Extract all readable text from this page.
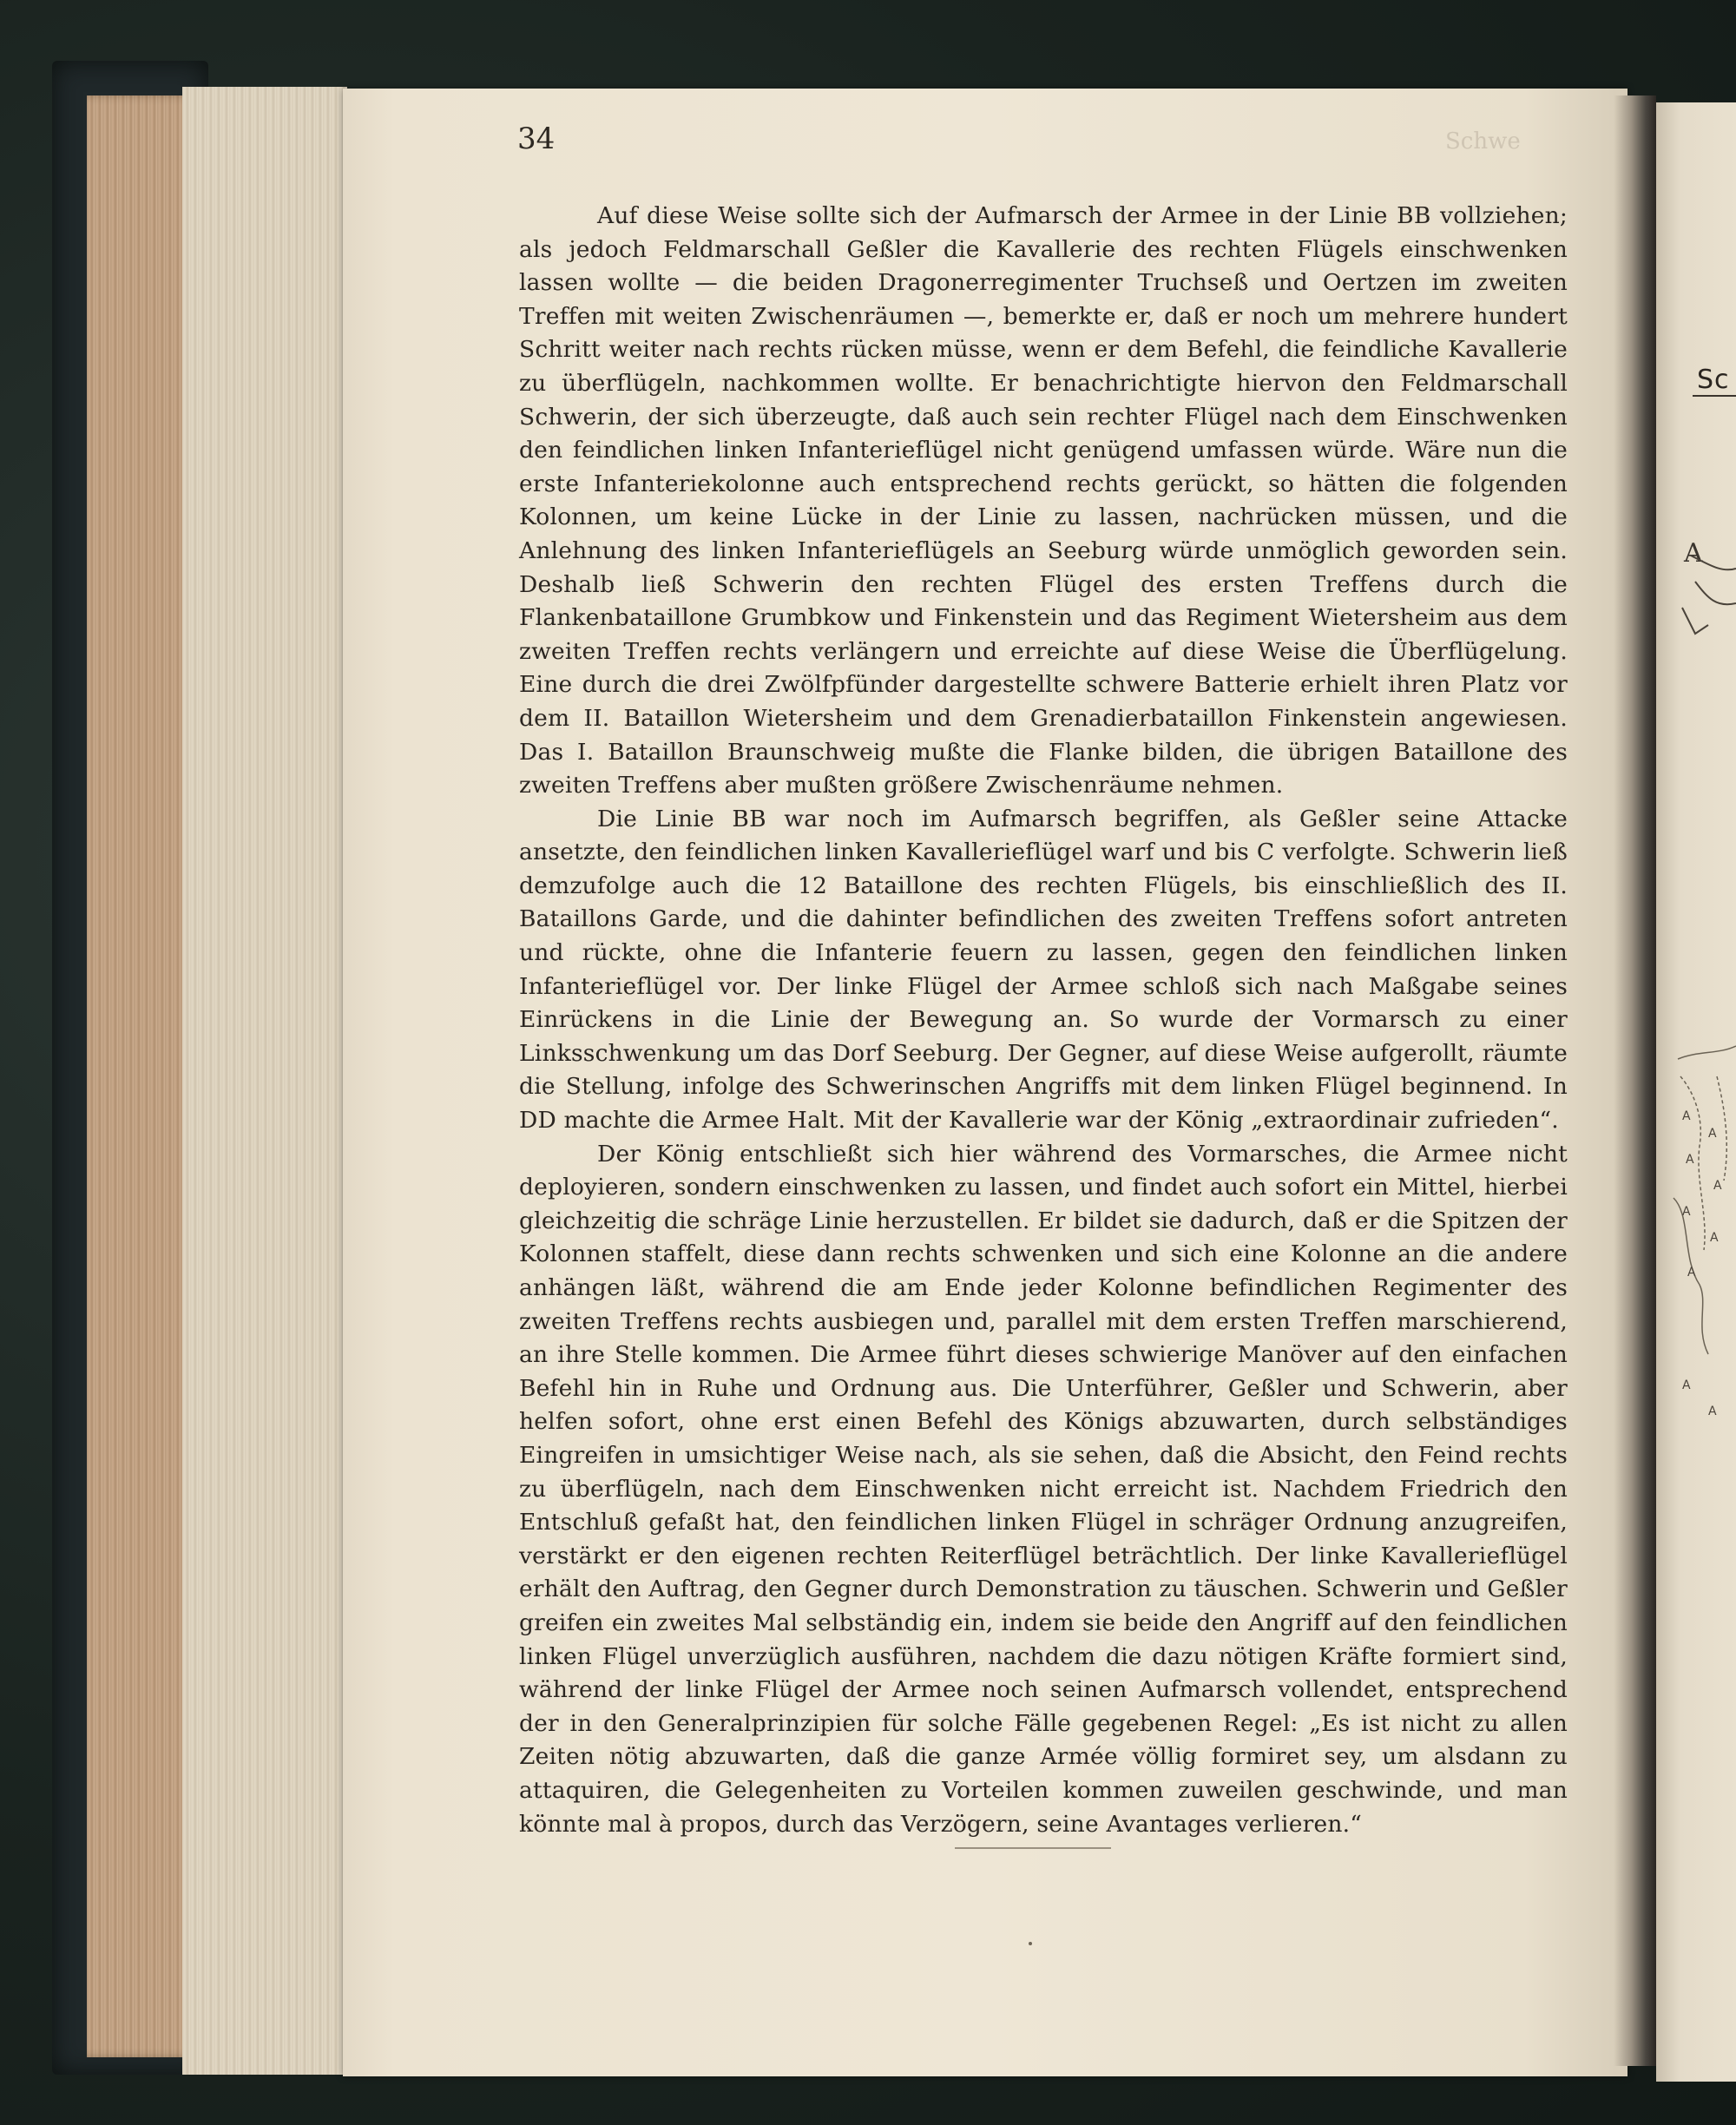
Sc
A
A
A
A
A
A
A
A
A
A
34	Schwe

Auf diese Weise sollte sich der Aufmarsch der Armee in der Linie BB vollziehen; als jedoch Feldmarschall Geßler die Kavallerie des rechten Flügels einschwenken lassen wollte — die beiden Dragonerregimenter Truchseß und Oertzen im zweiten Treffen mit weiten Zwischenräumen —, bemerkte er, daß er noch um mehrere hundert Schritt weiter nach rechts rücken müsse, wenn er dem Befehl, die feindliche Kavallerie zu überflügeln, nachkommen wollte. Er benachrichtigte hiervon den Feldmarschall Schwerin, der sich überzeugte, daß auch sein rechter Flügel nach dem Einschwenken den feindlichen linken Infanterieflügel nicht genügend umfassen würde. Wäre nun die erste Infanteriekolonne auch entsprechend rechts gerückt, so hätten die folgenden Kolonnen, um keine Lücke in der Linie zu lassen, nachrücken müssen, und die Anlehnung des linken Infanterieflügels an Seeburg würde unmöglich geworden sein. Deshalb ließ Schwerin den rechten Flügel des ersten Treffens durch die Flankenbataillone Grumbkow und Finkenstein und das Regiment Wietersheim aus dem zweiten Treffen rechts verlängern und erreichte auf diese Weise die Überflügelung. Eine durch die drei Zwölfpfünder dargestellte schwere Batterie erhielt ihren Platz vor dem II. Bataillon Wietersheim und dem Grenadierbataillon Finkenstein angewiesen. Das I. Bataillon Braunschweig mußte die Flanke bilden, die übrigen Bataillone des zweiten Treffens aber mußten größere Zwischenräume nehmen.

Die Linie BB war noch im Aufmarsch begriffen, als Geßler seine Attacke ansetzte, den feindlichen linken Kavallerieflügel warf und bis C verfolgte. Schwerin ließ demzufolge auch die 12 Bataillone des rechten Flügels, bis einschließlich des II. Bataillons Garde, und die dahinter befindlichen des zweiten Treffens sofort antreten und rückte, ohne die Infanterie feuern zu lassen, gegen den feindlichen linken Infanterieflügel vor. Der linke Flügel der Armee schloß sich nach Maßgabe seines Einrückens in die Linie der Bewegung an. So wurde der Vormarsch zu einer Linksschwenkung um das Dorf Seeburg. Der Gegner, auf diese Weise aufgerollt, räumte die Stellung, infolge des Schwerinschen Angriffs mit dem linken Flügel beginnend. In DD machte die Armee Halt. Mit der Kavallerie war der König „extraordinair zufrieden“.

Der König entschließt sich hier während des Vormarsches, die Armee nicht deployieren, sondern einschwenken zu lassen, und findet auch sofort ein Mittel, hierbei gleichzeitig die schräge Linie herzustellen. Er bildet sie dadurch, daß er die Spitzen der Kolonnen staffelt, diese dann rechts schwenken und sich eine Kolonne an die andere anhängen läßt, während die am Ende jeder Kolonne befindlichen Regimenter des zweiten Treffens rechts ausbiegen und, parallel mit dem ersten Treffen marschierend, an ihre Stelle kommen. Die Armee führt dieses schwierige Manöver auf den einfachen Befehl hin in Ruhe und Ordnung aus. Die Unterführer, Geßler und Schwerin, aber helfen sofort, ohne erst einen Befehl des Königs abzuwarten, durch selbständiges Eingreifen in umsichtiger Weise nach, als sie sehen, daß die Absicht, den Feind rechts zu überflügeln, nach dem Einschwenken nicht erreicht ist. Nachdem Friedrich den Entschluß gefaßt hat, den feindlichen linken Flügel in schräger Ordnung anzugreifen, verstärkt er den eigenen rechten Reiterflügel beträchtlich. Der linke Kavallerieflügel erhält den Auftrag, den Gegner durch Demonstration zu täuschen. Schwerin und Geßler greifen ein zweites Mal selbständig ein, indem sie beide den Angriff auf den feindlichen linken Flügel unverzüglich ausführen, nachdem die dazu nötigen Kräfte formiert sind, während der linke Flügel der Armee noch seinen Aufmarsch vollendet, entsprechend der in den Generalprinzipien für solche Fälle gegebenen Regel: „Es ist nicht zu allen Zeiten nötig abzuwarten, daß die ganze Armée völlig formiret sey, um alsdann zu attaquiren, die Gelegenheiten zu Vorteilen kommen zuweilen geschwinde, und man könnte mal à propos, durch das Verzögern, seine Avantages verlieren.“
